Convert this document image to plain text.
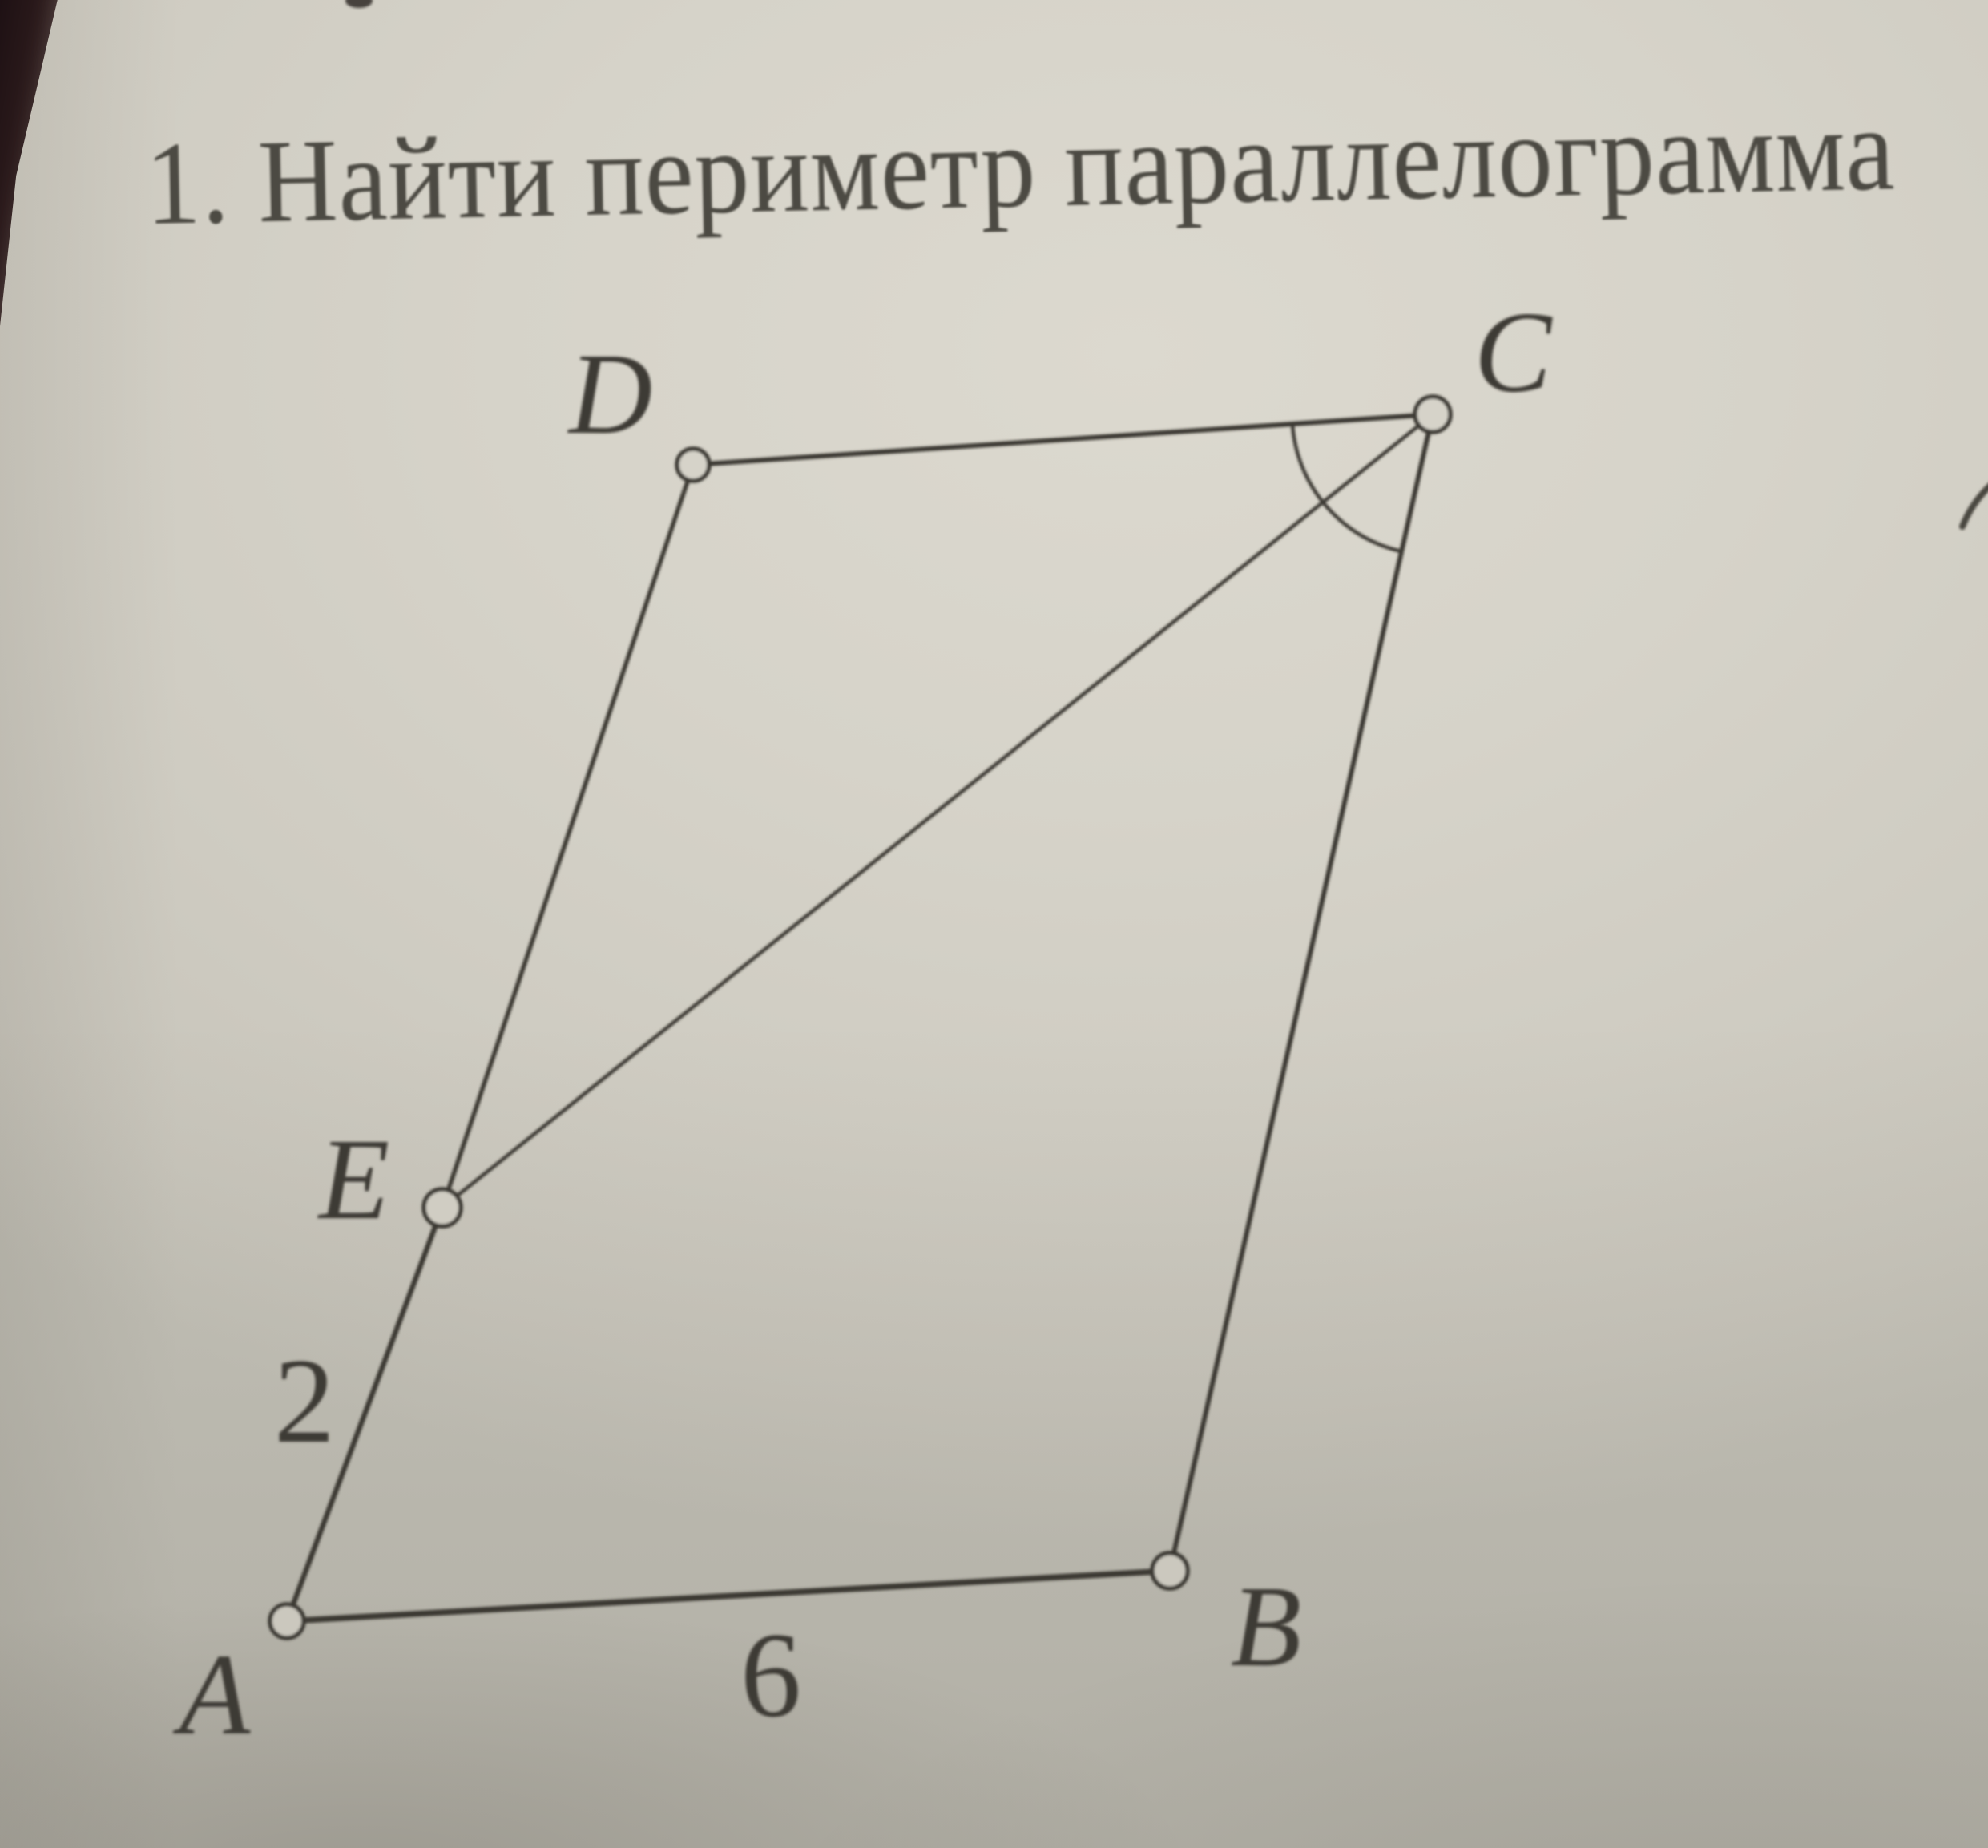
1. Найти периметр параллелограмма
A
B
C
D
E
2
6
